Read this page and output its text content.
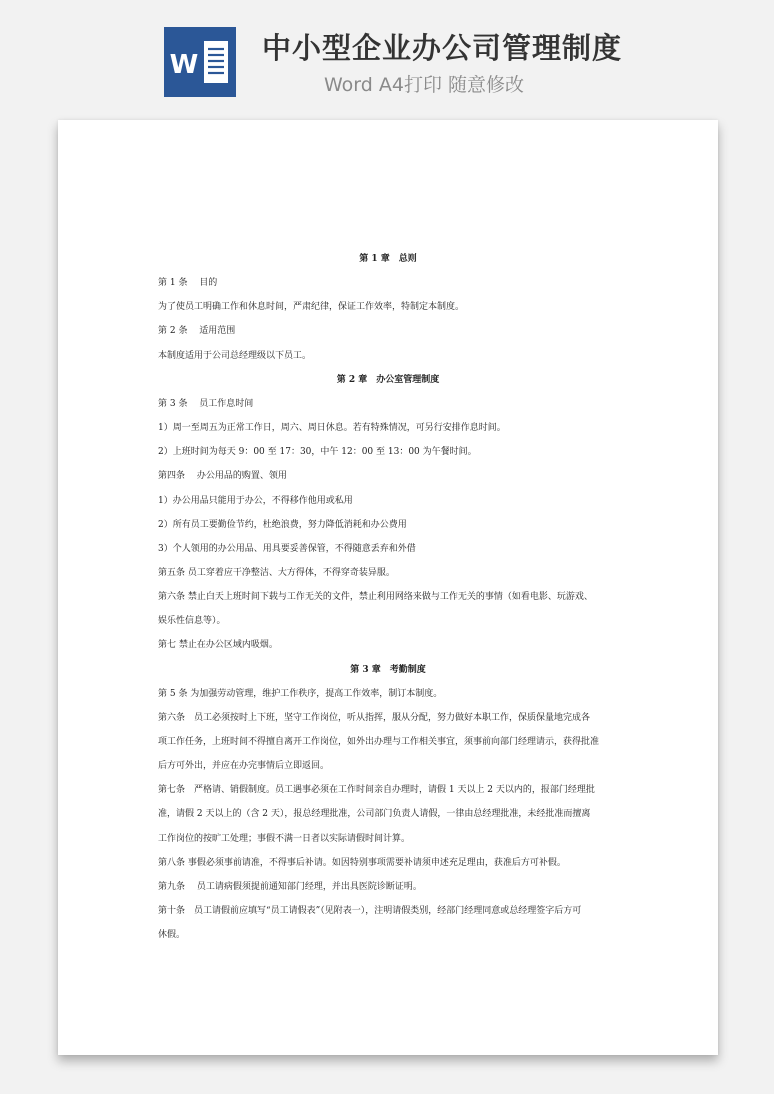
W 中小型企业办公司管理制度
Word A4打印 随意修改

第 1 章　总则
第 1 条　 目的
为了使员工明确工作和休息时间，严肃纪律，保证工作效率，特制定本制度。
第 2 条　 适用范围
本制度适用于公司总经理级以下员工。
第 2 章　办公室管理制度
第 3 条　 员工作息时间
1）周一至周五为正常工作日，周六、周日休息。若有特殊情况，可另行安排作息时间。
2）上班时间为每天 9：00 至 17：30，中午 12：00 至 13：00 为午餐时间。
第四条　 办公用品的购置、领用
1）办公用品只能用于办公，不得移作他用或私用
2）所有员工要勤俭节约，杜绝浪费，努力降低消耗和办公费用
3）个人领用的办公用品、用具要妥善保管，不得随意丢弃和外借
第五条 员工穿着应干净整洁、大方得体，不得穿奇装异服。
第六条 禁止白天上班时间下载与工作无关的文件，禁止利用网络来做与工作无关的事情（如看电影、玩游戏、
娱乐性信息等）。
第七 禁止在办公区域内吸烟。
第 3 章　考勤制度
第 5 条 为加强劳动管理，维护工作秩序，提高工作效率，制订本制度。
第六条　员工必须按时上下班，坚守工作岗位，听从指挥，服从分配，努力做好本职工作，保质保量地完成各
项工作任务，上班时间不得擅自离开工作岗位，如外出办理与工作相关事宜，须事前向部门经理请示，获得批准
后方可外出，并应在办完事情后立即返回。
第七条　严格请、销假制度。员工遇事必须在工作时间亲自办理时，请假 1 天以上 2 天以内的，报部门经理批
准，请假 2 天以上的（含 2 天），报总经理批准，公司部门负责人请假，一律由总经理批准，未经批准而擅离
工作岗位的按旷工处理；事假不满一日者以实际请假时间计算。
第八条 事假必须事前请准，不得事后补请。如因特别事项需要补请须申述充足理由，获准后方可补假。
第九条　 员工请病假须提前通知部门经理，并出具医院诊断证明。
第十条　员工请假前应填写“员工请假表”（见附表一），注明请假类别，经部门经理同意或总经理签字后方可
休假。
